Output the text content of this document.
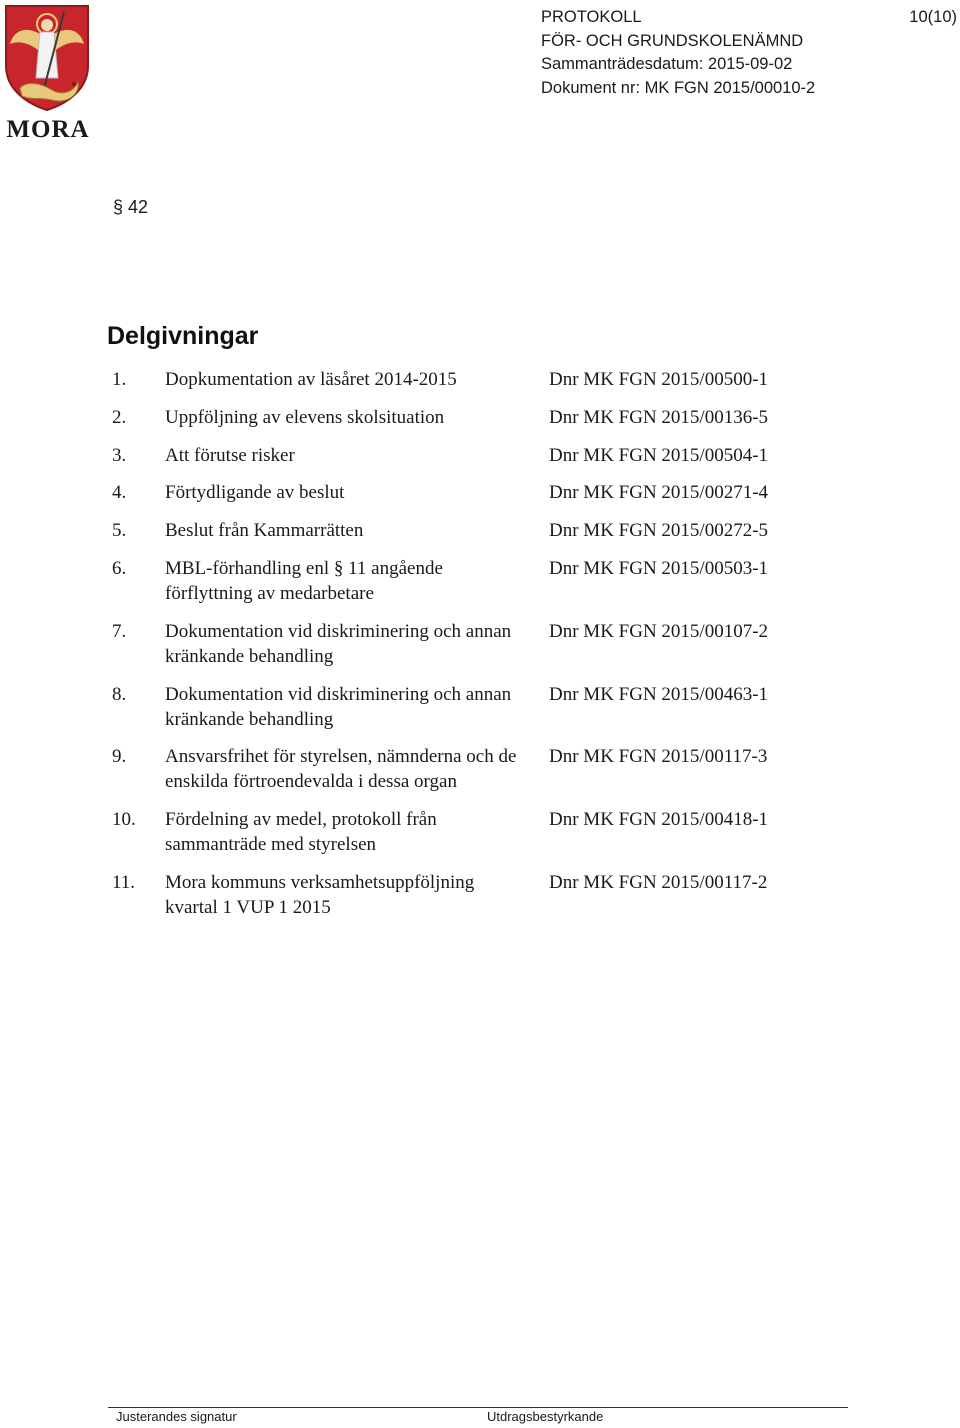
MORA
PROTOKOLL
FÖR- OCH GRUNDSKOLENÄMND
Sammanträdesdatum: 2015-09-02
Dokument nr: MK FGN 2015/00010-2
10(10)
§ 42
Delgivningar
1. Dopkumentation av läsåret 2014-2015	Dnr MK FGN 2015/00500-1
2. Uppföljning av elevens skolsituation	Dnr MK FGN 2015/00136-5
3. Att förutse risker	Dnr MK FGN 2015/00504-1
4. Förtydligande av beslut	Dnr MK FGN 2015/00271-4
5. Beslut från Kammarrätten	Dnr MK FGN 2015/00272-5
6. MBL-förhandling enl § 11 angående förflyttning av medarbetare
Dnr MK FGN 2015/00503-1
7. Dokumentation vid diskriminering och annan kränkande behandling
Dnr MK FGN 2015/00107-2
8. Dokumentation vid diskriminering och annan kränkande behandling
Dnr MK FGN 2015/00463-1
9. Ansvarsfrihet för styrelsen, nämnderna och de enskilda förtroendevalda i dessa organ
Dnr MK FGN 2015/00117-3
10. Fördelning av medel, protokoll från sammanträde med styrelsen
Dnr MK FGN 2015/00418-1
11. Mora kommuns verksamhetsuppföljning kvartal 1 VUP 1 2015
Dnr MK FGN 2015/00117-2
Justerandes signatur	Utdragsbestyrkande
